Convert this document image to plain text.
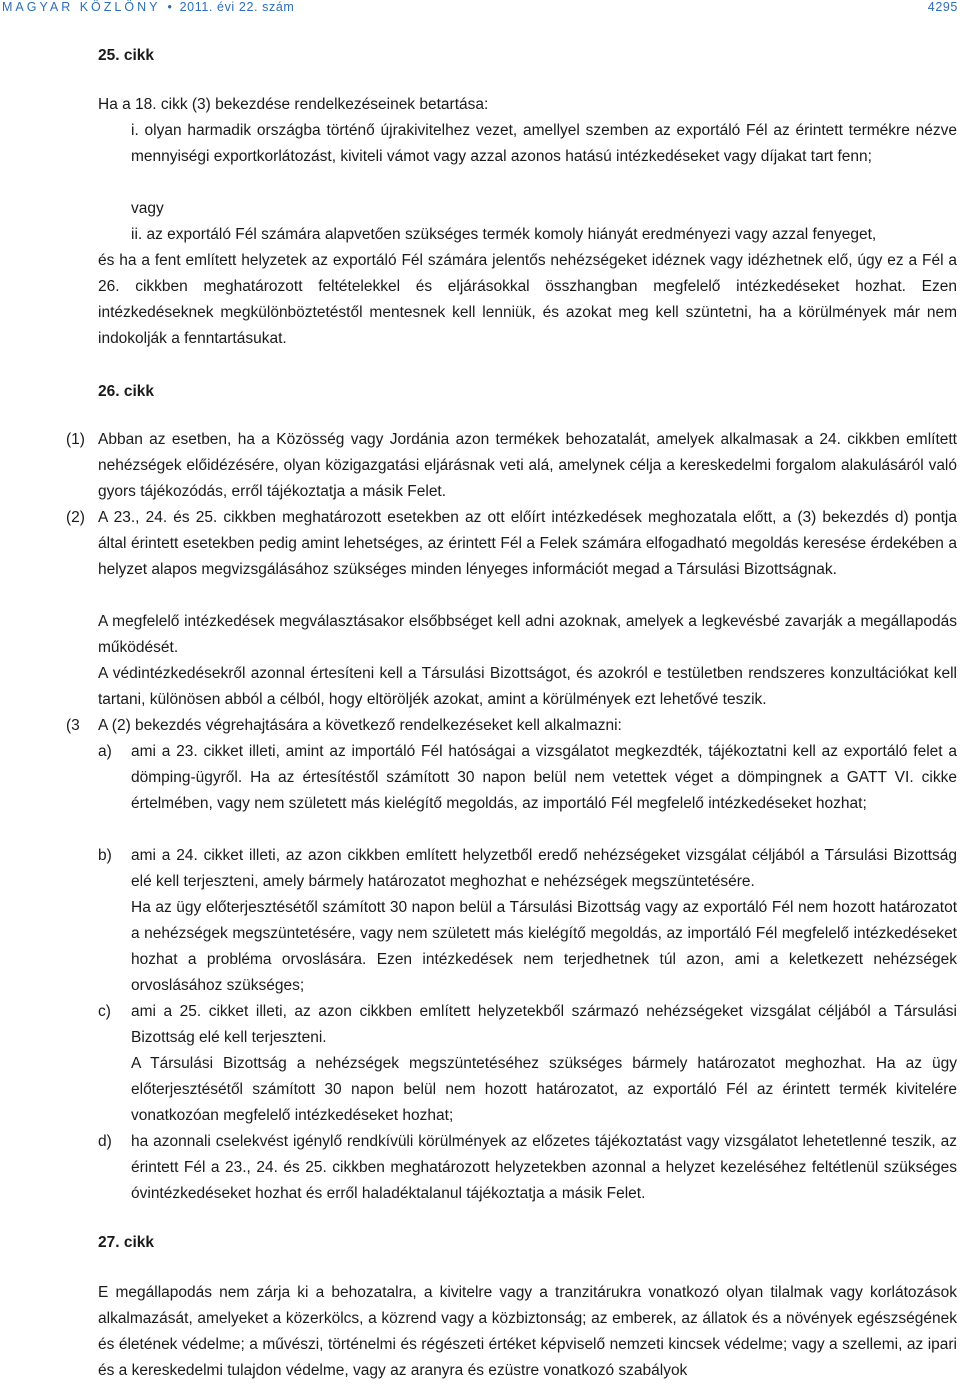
MAGYAR KÖZLÖNY • 2011. évi 22. szám	4295
25. cikk
Ha a 18. cikk (3) bekezdése rendelkezéseinek betartása:
i. olyan harmadik országba történő újrakivitelhez vezet, amellyel szemben az exportáló Fél az érintett termékre nézve mennyiségi exportkorlátozást, kiviteli vámot vagy azzal azonos hatású intézkedéseket vagy díjakat tart fenn;
vagy
ii. az exportáló Fél számára alapvetően szükséges termék komoly hiányát eredményezi vagy azzal fenyeget,
és ha a fent említett helyzetek az exportáló Fél számára jelentős nehézségeket idéznek vagy idézhetnek elő, úgy ez a Fél a 26. cikkben meghatározott feltételekkel és eljárásokkal összhangban megfelelő intézkedéseket hozhat. Ezen intézkedéseknek megkülönböztetéstől mentesnek kell lenniük, és azokat meg kell szüntetni, ha a körülmények már nem indokolják a fenntartásukat.
26. cikk
(1) Abban az esetben, ha a Közösség vagy Jordánia azon termékek behozatalát, amelyek alkalmasak a 24. cikkben említett nehézségek előidézésére, olyan közigazgatási eljárásnak veti alá, amelynek célja a kereskedelmi forgalom alakulásáról való gyors tájékozódás, erről tájékoztatja a másik Felet.
(2) A 23., 24. és 25. cikkben meghatározott esetekben az ott előírt intézkedések meghozatala előtt, a (3) bekezdés d) pontja által érintett esetekben pedig amint lehetséges, az érintett Fél a Felek számára elfogadható megoldás keresése érdekében a helyzet alapos megvizsgálásához szükséges minden lényeges információt megad a Társulási Bizottságnak.
A megfelelő intézkedések megválasztásakor elsőbbséget kell adni azoknak, amelyek a legkevésbé zavarják a megállapodás működését.
A védintézkedésekről azonnal értesíteni kell a Társulási Bizottságot, és azokról e testületben rendszeres konzultációkat kell tartani, különösen abból a célból, hogy eltöröljék azokat, amint a körülmények ezt lehetővé teszik.
(3 A (2) bekezdés végrehajtására a következő rendelkezéseket kell alkalmazni:
a) ami a 23. cikket illeti, amint az importáló Fél hatóságai a vizsgálatot megkezdték, tájékoztatni kell az exportáló felet a dömping-ügyről. Ha az értesítéstől számított 30 napon belül nem vetettek véget a dömpingnek a GATT VI. cikke értelmében, vagy nem született más kielégítő megoldás, az importáló Fél megfelelő intézkedéseket hozhat;
b) ami a 24. cikket illeti, az azon cikkben említett helyzetből eredő nehézségeket vizsgálat céljából a Társulási Bizottság elé kell terjeszteni, amely bármely határozatot meghozhat e nehézségek megszüntetésére.
Ha az ügy előterjesztésétől számított 30 napon belül a Társulási Bizottság vagy az exportáló Fél nem hozott határozatot a nehézségek megszüntetésére, vagy nem született más kielégítő megoldás, az importáló Fél megfelelő intézkedéseket hozhat a probléma orvoslására. Ezen intézkedések nem terjedhetnek túl azon, ami a keletkezett nehézségek orvoslásához szükséges;
c) ami a 25. cikket illeti, az azon cikkben említett helyzetekből származó nehézségeket vizsgálat céljából a Társulási Bizottság elé kell terjeszteni.
A Társulási Bizottság a nehézségek megszüntetéséhez szükséges bármely határozatot meghozhat. Ha az ügy előterjesztésétől számított 30 napon belül nem hozott határozatot, az exportáló Fél az érintett termék kivitelére vonatkozóan megfelelő intézkedéseket hozhat;
d) ha azonnali cselekvést igénylő rendkívüli körülmények az előzetes tájékoztatást vagy vizsgálatot lehetetlenné teszik, az érintett Fél a 23., 24. és 25. cikkben meghatározott helyzetekben azonnal a helyzet kezeléséhez feltétlenül szükséges óvintézkedéseket hozhat és erről haladéktalanul tájékoztatja a másik Felet.
27. cikk
E megállapodás nem zárja ki a behozatalra, a kivitelre vagy a tranzitárukra vonatkozó olyan tilalmak vagy korlátozások alkalmazását, amelyeket a közerkölcs, a közrend vagy a közbiztonság; az emberek, az állatok és a növények egészségének és életének védelme; a művészi, történelmi és régészeti értéket képviselő nemzeti kincsek védelme; vagy a szellemi, az ipari és a kereskedelmi tulajdon védelme, vagy az aranyra és ezüstre vonatkozó szabályok
